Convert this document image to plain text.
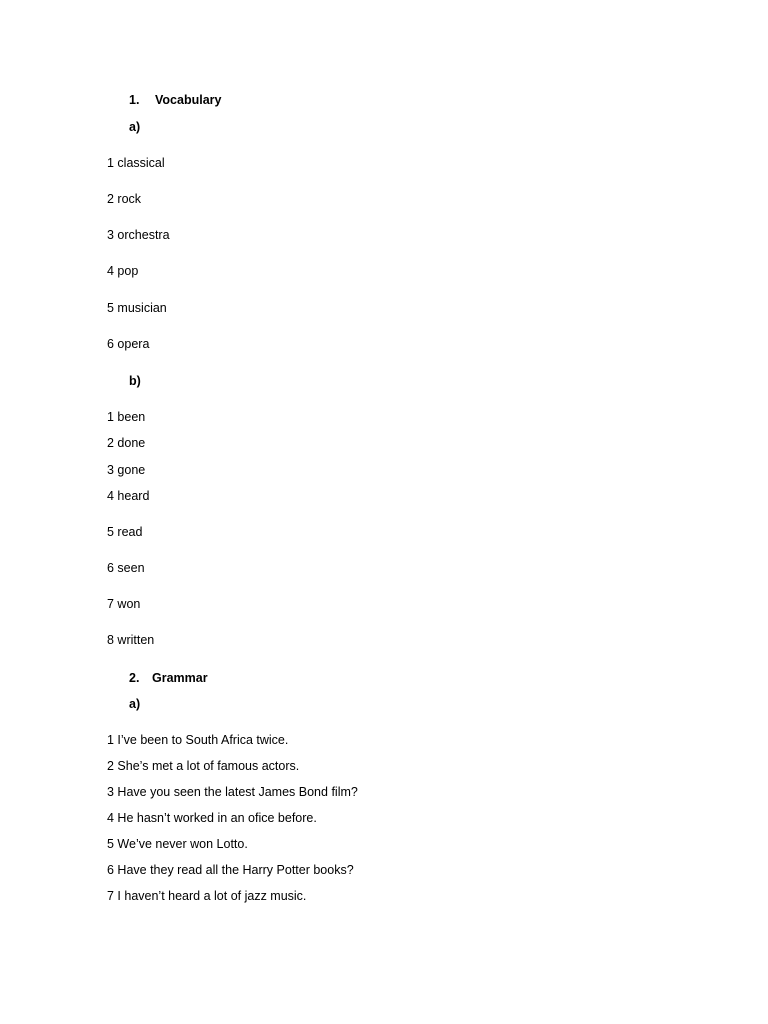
1. Vocabulary
a)
1 classical
2 rock
3 orchestra
4 pop
5 musician
6 opera
b)
1 been
2 done
3 gone
4 heard
5 read
6 seen
7 won
8 written
2. Grammar
a)
1 I’ve been to South Africa twice.
2 She’s met a lot of famous actors.
3 Have you seen the latest James Bond film?
4 He hasn’t worked in an ofice before.
5 We’ve never won Lotto.
6 Have they read all the Harry Potter books?
7 I haven’t heard a lot of jazz music.
